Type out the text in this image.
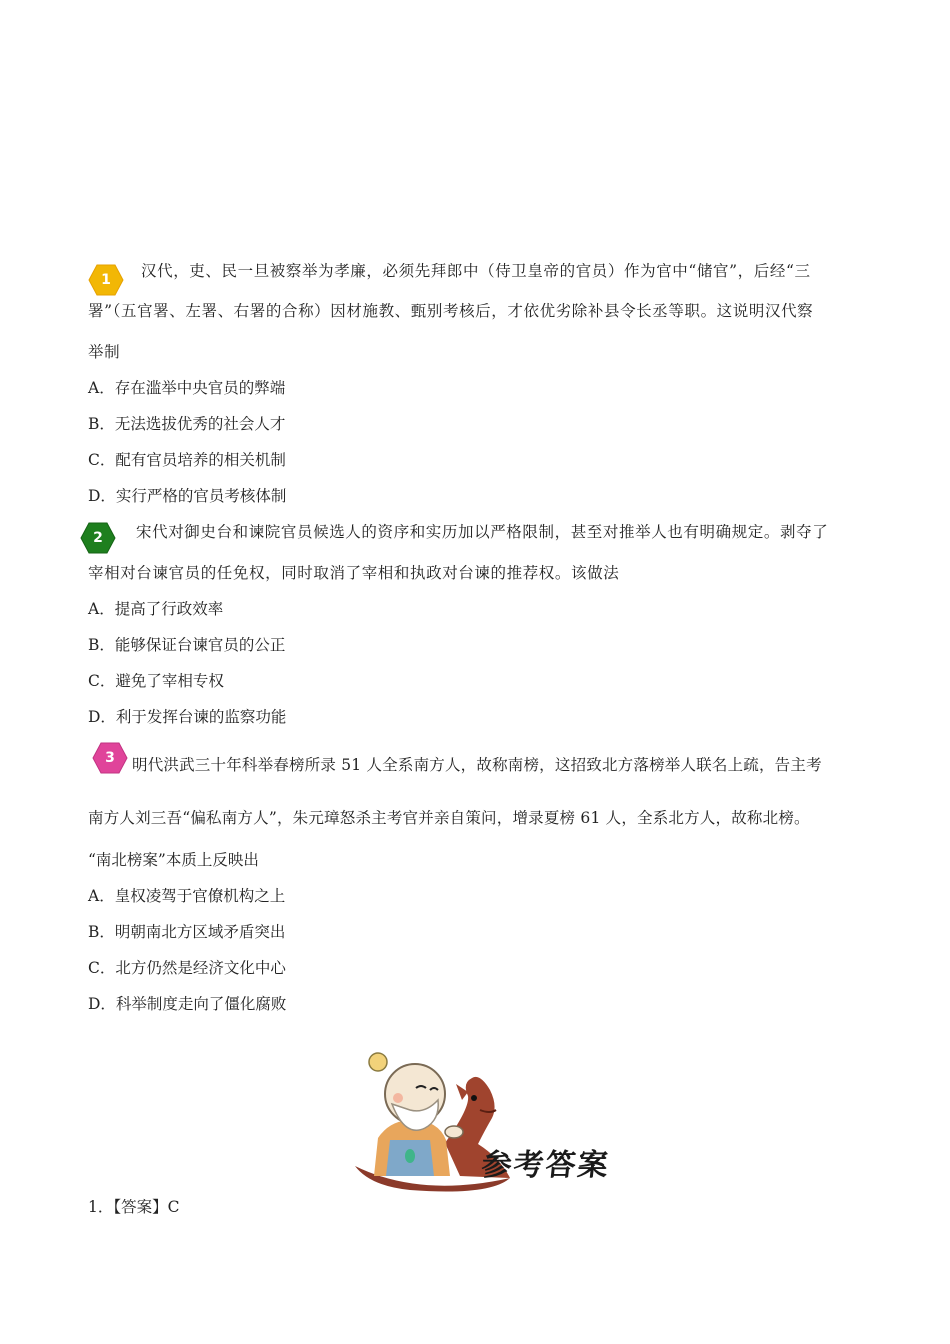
1	汉代，吏、民一旦被察举为孝廉，必须先拜郎中（侍卫皇帝的官员）作为官中“储官”，后经“三
署”（五官署、左署、右署的合称）因材施教、甄别考核后，才依优劣除补县令长丞等职。这说明汉代察
举制
A．存在滥举中央官员的弊端
B．无法选拔优秀的社会人才
C．配有官员培养的相关机制
D．实行严格的官员考核体制
2	宋代对御史台和谏院官员候选人的资序和实历加以严格限制，甚至对推举人也有明确规定。剥夺了
宰相对台谏官员的任免权，同时取消了宰相和执政对台谏的推荐权。该做法
A．提高了行政效率
B．能够保证台谏官员的公正
C．避免了宰相专权
D．利于发挥台谏的监察功能
3	明代洪武三十年科举春榜所录 51 人全系南方人，故称南榜，这招致北方落榜举人联名上疏，告主考
南方人刘三吾“偏私南方人”，朱元璋怒杀主考官并亲自策问，增录夏榜 61 人，全系北方人，故称北榜。
“南北榜案”本质上反映出
A．皇权凌驾于官僚机构之上
B．明朝南北方区域矛盾突出
C．北方仍然是经济文化中心
D．科举制度走向了僵化腐败
参考答案
1．【答案】C
